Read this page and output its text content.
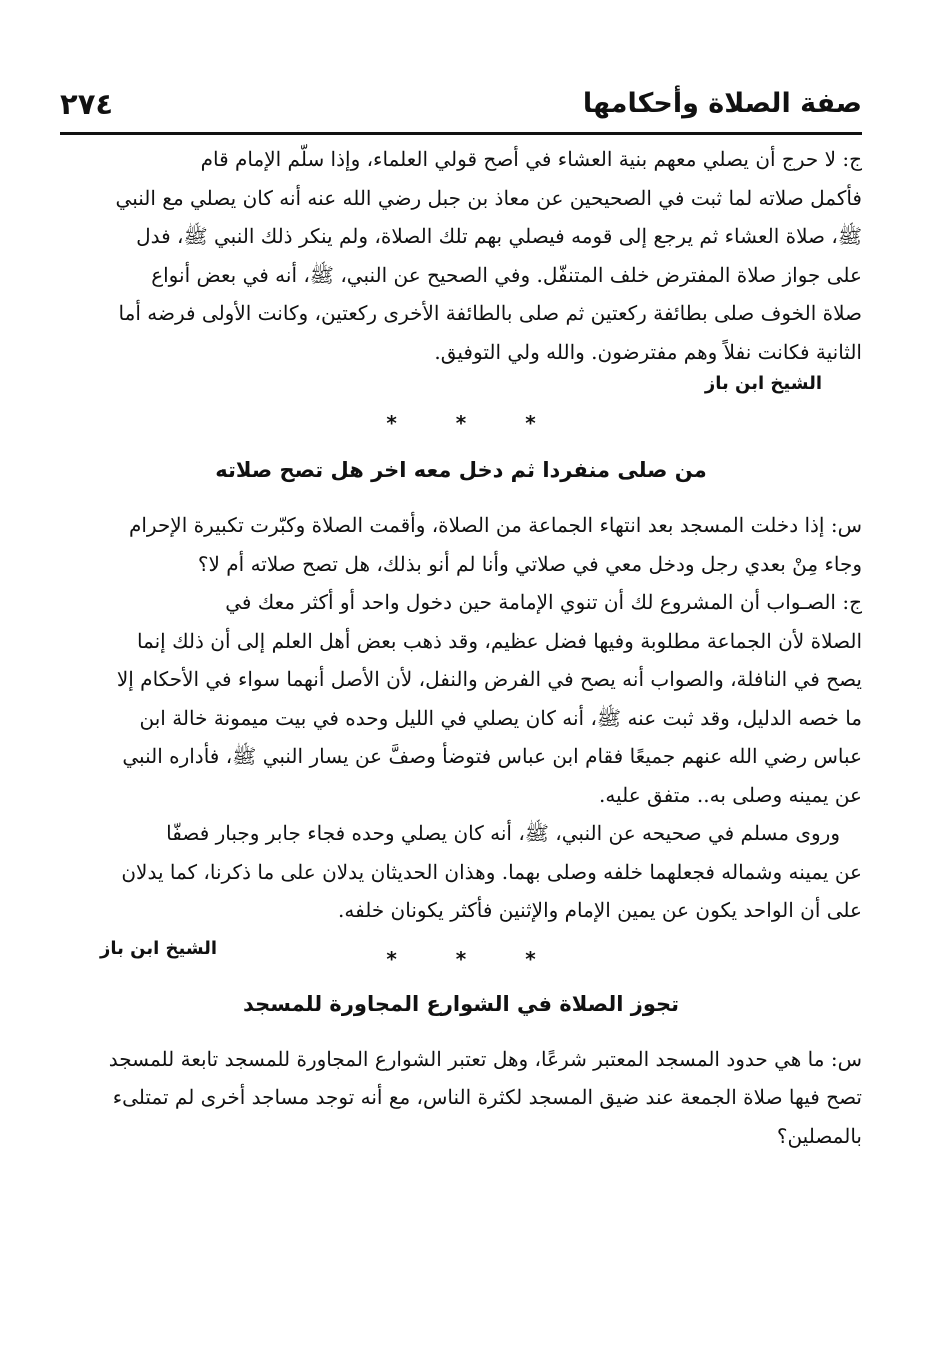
صفة الصلاة وأحكامها
٢٧٤

ج: لا حرج أن يصلي معهم بنية العشاء في أصح قولي العلماء، وإذا سلّم الإمام قام

فأكمل صلاته لما ثبت في الصحيحين عن معاذ بن جبل رضي الله عنه أنه كان يصلي مع النبي

ﷺ، صلاة العشاء ثم يرجع إلى قومه فيصلي بهم تلك الصلاة، ولم ينكر ذلك النبي ﷺ، فدل

على جواز صلاة المفترض خلف المتنفّل. وفي الصحيح عن النبي، ﷺ، أنه في بعض أنواع

صلاة الخوف صلى بطائفة ركعتين ثم صلى بالطائفة الأخرى ركعتين، وكانت الأولى فرضه أما

الثانية فكانت نفلاً وهم مفترضون. والله ولي التوفيق.

الشيخ ابن باز
* * *
من صلى منفردا ثم دخل معه اخر هل تصح صلاته

س: إذا دخلت المسجد بعد انتهاء الجماعة من الصلاة، وأقمت الصلاة وكبّرت تكبيرة الإحرام

وجاء مِنْ بعدي رجل ودخل معي في صلاتي وأنا لم أنو بذلك، هل تصح صلاته أم لا؟

ج: الصـواب أن المشروع لك أن تنوي الإمامة حين دخول واحد أو أكثر معك في

الصلاة لأن الجماعة مطلوبة وفيها فضل عظيم، وقد ذهب بعض أهل العلم إلى أن ذلك إنما

يصح في النافلة، والصواب أنه يصح في الفرض والنفل، لأن الأصل أنهما سواء في الأحكام إلا

ما خصه الدليل، وقد ثبت عنه ﷺ، أنه كان يصلي في الليل وحده في بيت ميمونة خالة ابن

عباس رضي الله عنهم جميعًا فقام ابن عباس فتوضأ وصفَّ عن يسار النبي ﷺ، فأداره النبي

عن يمينه وصلى به.. متفق عليه.

وروى مسلم في صحيحه عن النبي، ﷺ، أنه كان يصلي وحده فجاء جابر وجبار فصفّا

عن يمينه وشماله فجعلهما خلفه وصلى بهما. وهذان الحديثان يدلان على ما ذكرنا، كما يدلان

على أن الواحد يكون عن يمين الإمام والإثنين فأكثر يكونان خلفه.

الشيخ ابن باز	* * *
تجوز الصلاة في الشوارع المجاورة للمسجد

س: ما هي حدود المسجد المعتبر شرعًا، وهل تعتبر الشوارع المجاورة للمسجد تابعة للمسجد

تصح فيها صلاة الجمعة عند ضيق المسجد لكثرة الناس، مع أنه توجد مساجد أخرى لم تمتلىء

بالمصلين؟
